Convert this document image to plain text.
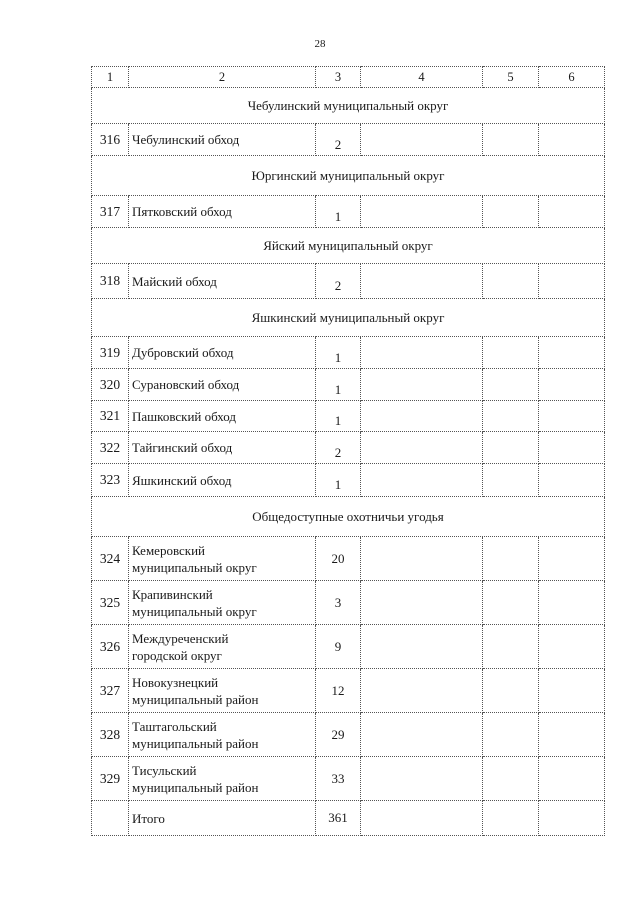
28
1	2	3	4	5	6
Чебулинский муниципальный округ					
316	Чебулинский обход	2			
Юргинский муниципальный округ					
317	Пятковский обход	1			
Яйский муниципальный округ					
318	Майский обход	2			
Яшкинский муниципальный округ					
319	Дубровский обход	1			
320	Сурановский обход	1			
321	Пашковский обход	1			
322	Тайгинский обход	2			
323	Яшкинский обход	1			
Общедоступные охотничьи угодья					
324	Кемеровский
муниципальный округ	20			
325	Крапивинский
муниципальный округ	3			
326	Междуреченский
городской округ	9			
327	Новокузнецкий
муниципальный район	12			
328	Таштагольский
муниципальный район	29			
329	Тисульский
муниципальный район	33			
	Итого	361			
